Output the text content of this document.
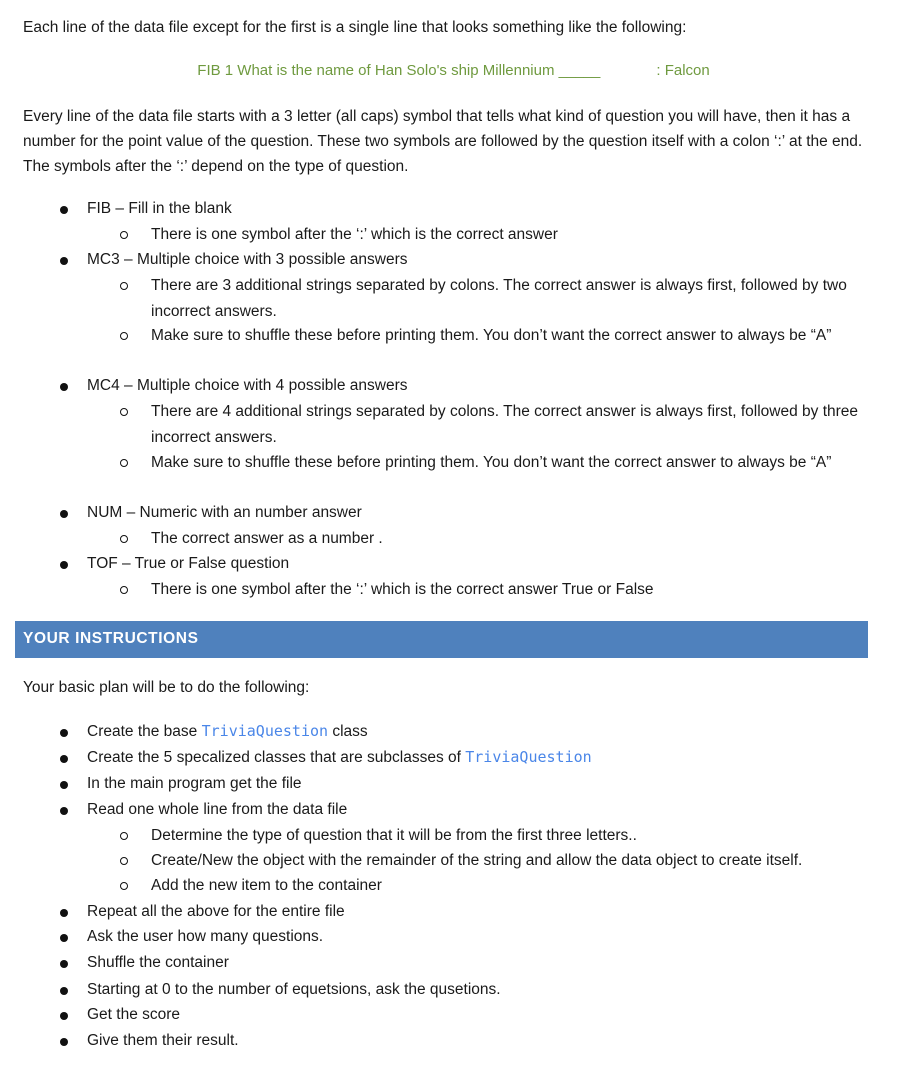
Each line of the data file except for the first is a single line that looks something like the following:
FIB 1 What is the name of Han Solo's ship Millennium _____	: Falcon
Every line of the data file starts with a 3 letter (all caps) symbol that tells what kind of question you will have, then it has a number for the point value of the question. These two symbols are followed by the question itself with a colon ‘:’ at the end. The symbols after the ‘:’ depend on the type of question.
FIB – Fill in the blank
There is one symbol after the ‘:’ which is the correct answer
MC3 – Multiple choice with 3 possible answers
There are 3 additional strings separated by colons. The correct answer is always first, followed by two incorrect answers.
Make sure to shuffle these before printing them. You don’t want the correct answer to always be “A”
MC4 – Multiple choice with 4 possible answers
There are 4 additional strings separated by colons. The correct answer is always first, followed by three incorrect answers.
Make sure to shuffle these before printing them. You don’t want the correct answer to always be “A”
NUM – Numeric with an number answer
The correct answer as a number .
TOF – True or False question
There is one symbol after the ‘:’ which is the correct answer True or False
YOUR INSTRUCTIONS
Your basic plan will be to do the following:
Create the base TriviaQuestion class
Create the 5 specalized classes that are subclasses of TriviaQuestion
In the main program get the file
Read one whole line from the data file
Determine the type of question that it will be from the first three letters..
Create/New the object with the remainder of the string and allow the data object to create itself.
Add the new item to the container
Repeat all the above for the entire file
Ask the user how many questions.
Shuffle the container
Starting at 0 to the number of equetsions, ask the qusetions.
Get the score
Give them their result.
